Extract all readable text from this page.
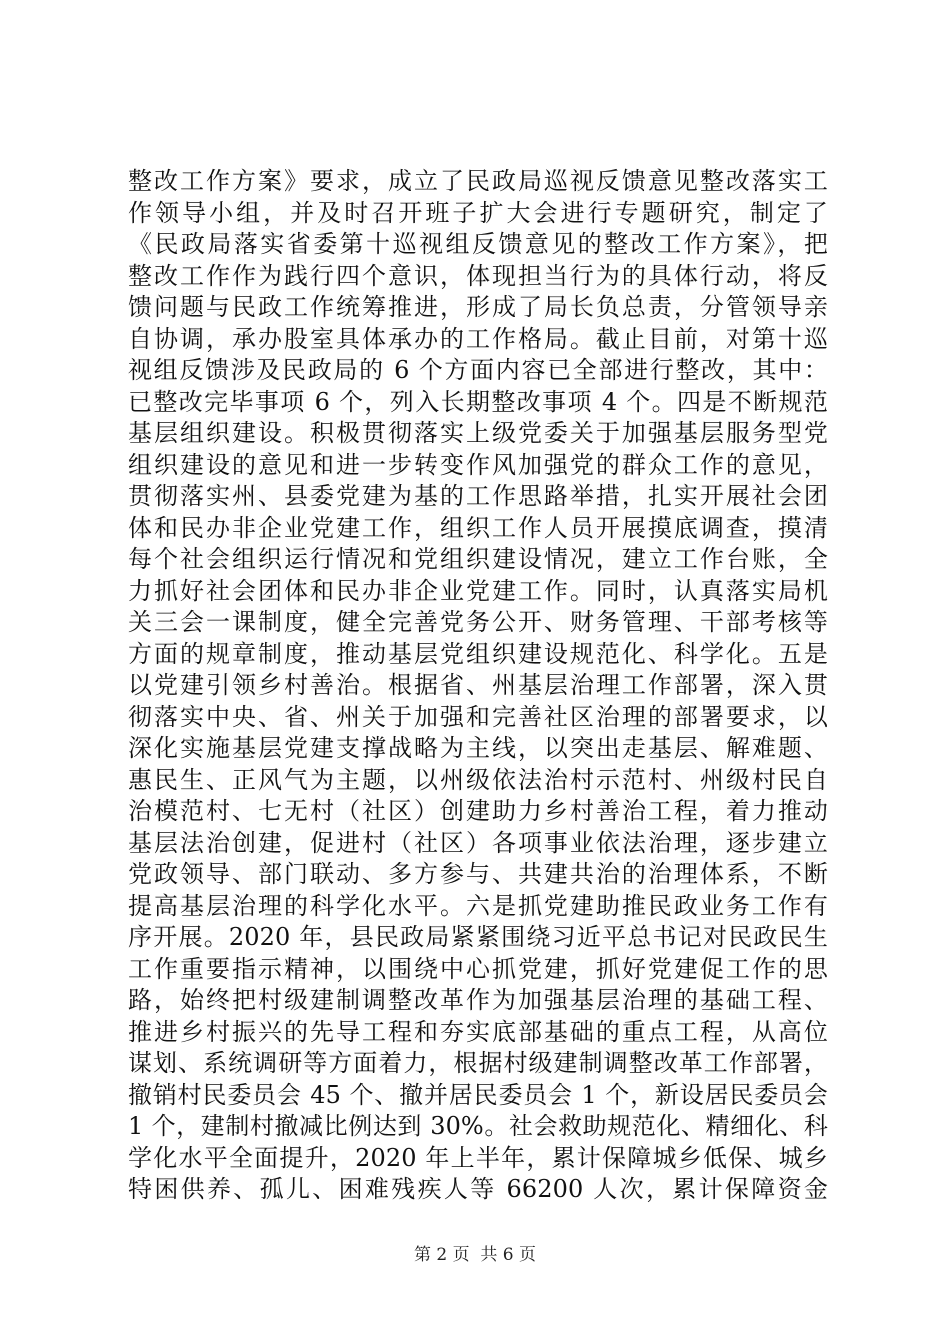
整改工作方案》要求，成立了民政局巡视反馈意见整改落实工
作领导小组，并及时召开班子扩大会进行专题研究，制定了
《民政局落实省委第十巡视组反馈意见的整改工作方案》，把
整改工作作为践行四个意识，体现担当行为的具体行动，将反
馈问题与民政工作统筹推进，形成了局长负总责，分管领导亲
自协调，承办股室具体承办的工作格局。截止目前，对第十巡
视组反馈涉及民政局的 6 个方面内容已全部进行整改，其中：
已整改完毕事项 6 个，列入长期整改事项 4 个。四是不断规范
基层组织建设。积极贯彻落实上级党委关于加强基层服务型党
组织建设的意见和进一步转变作风加强党的群众工作的意见，
贯彻落实州、县委党建为基的工作思路举措，扎实开展社会团
体和民办非企业党建工作，组织工作人员开展摸底调查，摸清
每个社会组织运行情况和党组织建设情况，建立工作台账，全
力抓好社会团体和民办非企业党建工作。同时，认真落实局机
关三会一课制度，健全完善党务公开、财务管理、干部考核等
方面的规章制度，推动基层党组织建设规范化、科学化。五是
以党建引领乡村善治。根据省、州基层治理工作部署，深入贯
彻落实中央、省、州关于加强和完善社区治理的部署要求，以
深化实施基层党建支撑战略为主线，以突出走基层、解难题、
惠民生、正风气为主题，以州级依法治村示范村、州级村民自
治模范村、七无村（社区）创建助力乡村善治工程，着力推动
基层法治创建，促进村（社区）各项事业依法治理，逐步建立
党政领导、部门联动、多方参与、共建共治的治理体系，不断
提高基层治理的科学化水平。六是抓党建助推民政业务工作有
序开展。2020 年，县民政局紧紧围绕习近平总书记对民政民生
工作重要指示精神，以围绕中心抓党建，抓好党建促工作的思
路，始终把村级建制调整改革作为加强基层治理的基础工程、
推进乡村振兴的先导工程和夯实底部基础的重点工程，从高位
谋划、系统调研等方面着力，根据村级建制调整改革工作部署，
撤销村民委员会 45 个、撤并居民委员会 1 个，新设居民委员会
1 个，建制村撤减比例达到 30%。社会救助规范化、精细化、科
学化水平全面提升，2020 年上半年，累计保障城乡低保、城乡
特困供养、孤儿、困难残疾人等 66200 人次，累计保障资金
第 2 页  共 6 页
